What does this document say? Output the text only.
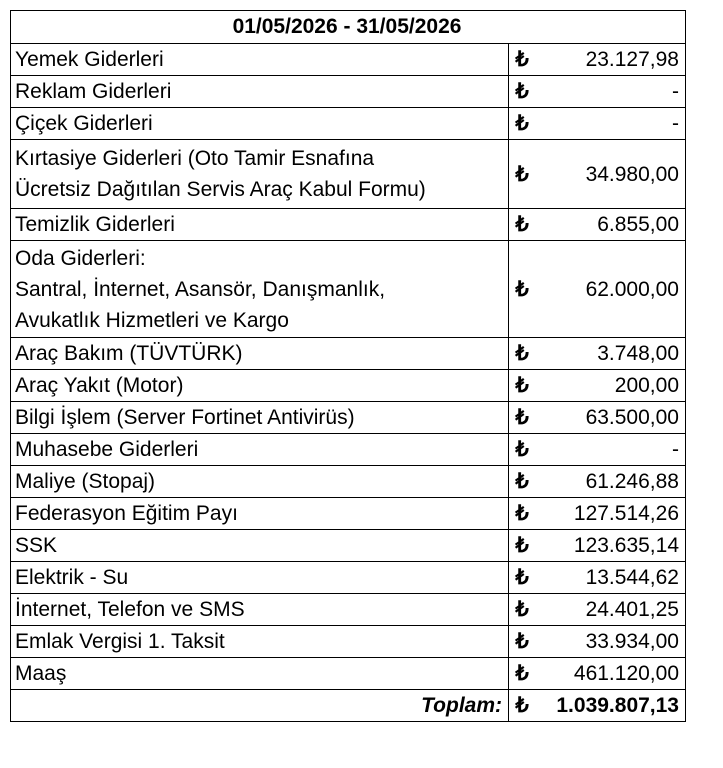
01/05/2026 - 31/05/2026		
Yemek Giderleri	₺	23.127,98
Reklam Giderleri	₺	-
Çiçek Giderleri	₺	-
Kırtasiye Giderleri (Oto Tamir Esnafına
Ücretsiz Dağıtılan Servis Araç Kabul Formu)	₺	34.980,00
Temizlik Giderleri	₺	6.855,00
Oda Giderleri:
Santral, İnternet, Asansör, Danışmanlık,
Avukatlık Hizmetleri ve Kargo	₺	62.000,00
Araç Bakım (TÜVTÜRK)	₺	3.748,00
Araç Yakıt (Motor)	₺	200,00
Bilgi İşlem (Server Fortinet Antivirüs)	₺	63.500,00
Muhasebe Giderleri	₺	-
Maliye (Stopaj)	₺	61.246,88
Federasyon Eğitim Payı	₺	127.514,26
SSK	₺	123.635,14
Elektrik - Su	₺	13.544,62
İnternet, Telefon ve SMS	₺	24.401,25
Emlak Vergisi 1. Taksit	₺	33.934,00
Maaş	₺	461.120,00
Toplam:	₺	1.039.807,13
